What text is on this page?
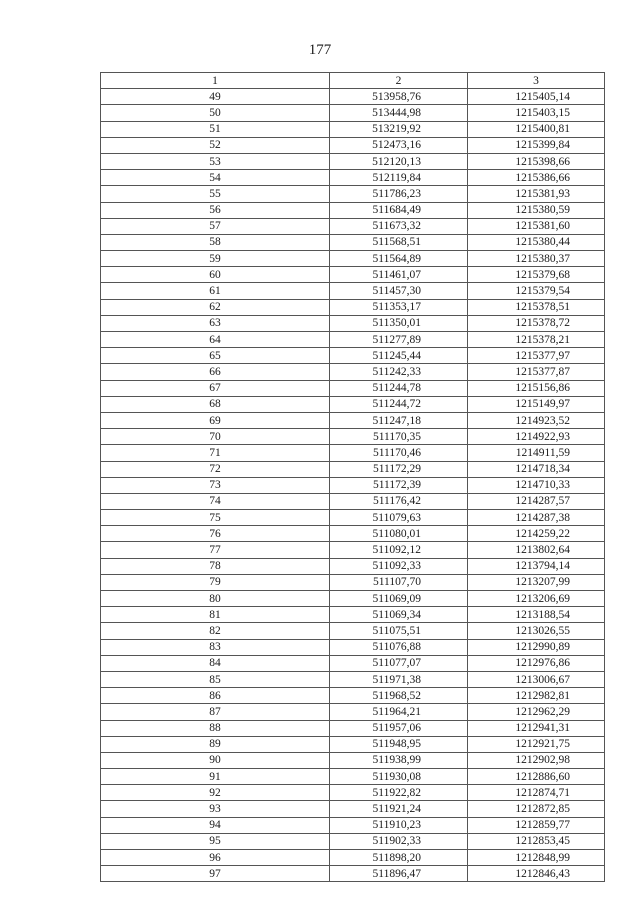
177
1	2	3
49	513958,76	1215405,14
50	513444,98	1215403,15
51	513219,92	1215400,81
52	512473,16	1215399,84
53	512120,13	1215398,66
54	512119,84	1215386,66
55	511786,23	1215381,93
56	511684,49	1215380,59
57	511673,32	1215381,60
58	511568,51	1215380,44
59	511564,89	1215380,37
60	511461,07	1215379,68
61	511457,30	1215379,54
62	511353,17	1215378,51
63	511350,01	1215378,72
64	511277,89	1215378,21
65	511245,44	1215377,97
66	511242,33	1215377,87
67	511244,78	1215156,86
68	511244,72	1215149,97
69	511247,18	1214923,52
70	511170,35	1214922,93
71	511170,46	1214911,59
72	511172,29	1214718,34
73	511172,39	1214710,33
74	511176,42	1214287,57
75	511079,63	1214287,38
76	511080,01	1214259,22
77	511092,12	1213802,64
78	511092,33	1213794,14
79	511107,70	1213207,99
80	511069,09	1213206,69
81	511069,34	1213188,54
82	511075,51	1213026,55
83	511076,88	1212990,89
84	511077,07	1212976,86
85	511971,38	1213006,67
86	511968,52	1212982,81
87	511964,21	1212962,29
88	511957,06	1212941,31
89	511948,95	1212921,75
90	511938,99	1212902,98
91	511930,08	1212886,60
92	511922,82	1212874,71
93	511921,24	1212872,85
94	511910,23	1212859,77
95	511902,33	1212853,45
96	511898,20	1212848,99
97	511896,47	1212846,43
